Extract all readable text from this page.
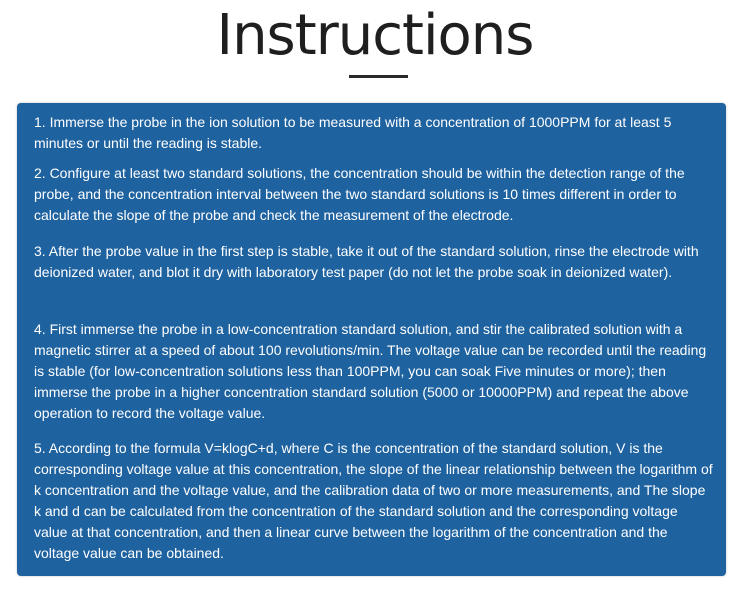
Instructions

1. Immerse the probe in the ion solution to be measured with a concentration of 1000PPM for at least 5 minutes or until the reading is stable.

2. Configure at least two standard solutions, the concentration should be within the detection range of the probe, and the concentration interval between the two standard solutions is 10 times different in order to calculate the slope of the probe and check the measurement of the electrode.

3. After the probe value in the first step is stable, take it out of the standard solution, rinse the electrode with deionized water, and blot it dry with laboratory test paper (do not let the probe soak in deionized water).

4. First immerse the probe in a low-concentration standard solution, and stir the calibrated solution with a magnetic stirrer at a speed of about 100 revolutions/min. The voltage value can be recorded until the reading is stable (for low-concentration solutions less than 100PPM, you can soak Five minutes or more); then immerse the probe in a higher concentration standard solution (5000 or 10000PPM) and repeat the above operation to record the voltage value.

5. According to the formula V=klogC+d, where C is the concentration of the standard solution, V is the corresponding voltage value at this concentration, the slope of the linear relationship between the logarithm of k concentration and the voltage value, and the calibration data of two or more measurements, and The slope k and d can be calculated from the concentration of the standard solution and the corresponding voltage value at that concentration, and then a linear curve between the logarithm of the concentration and the voltage value can be obtained.
